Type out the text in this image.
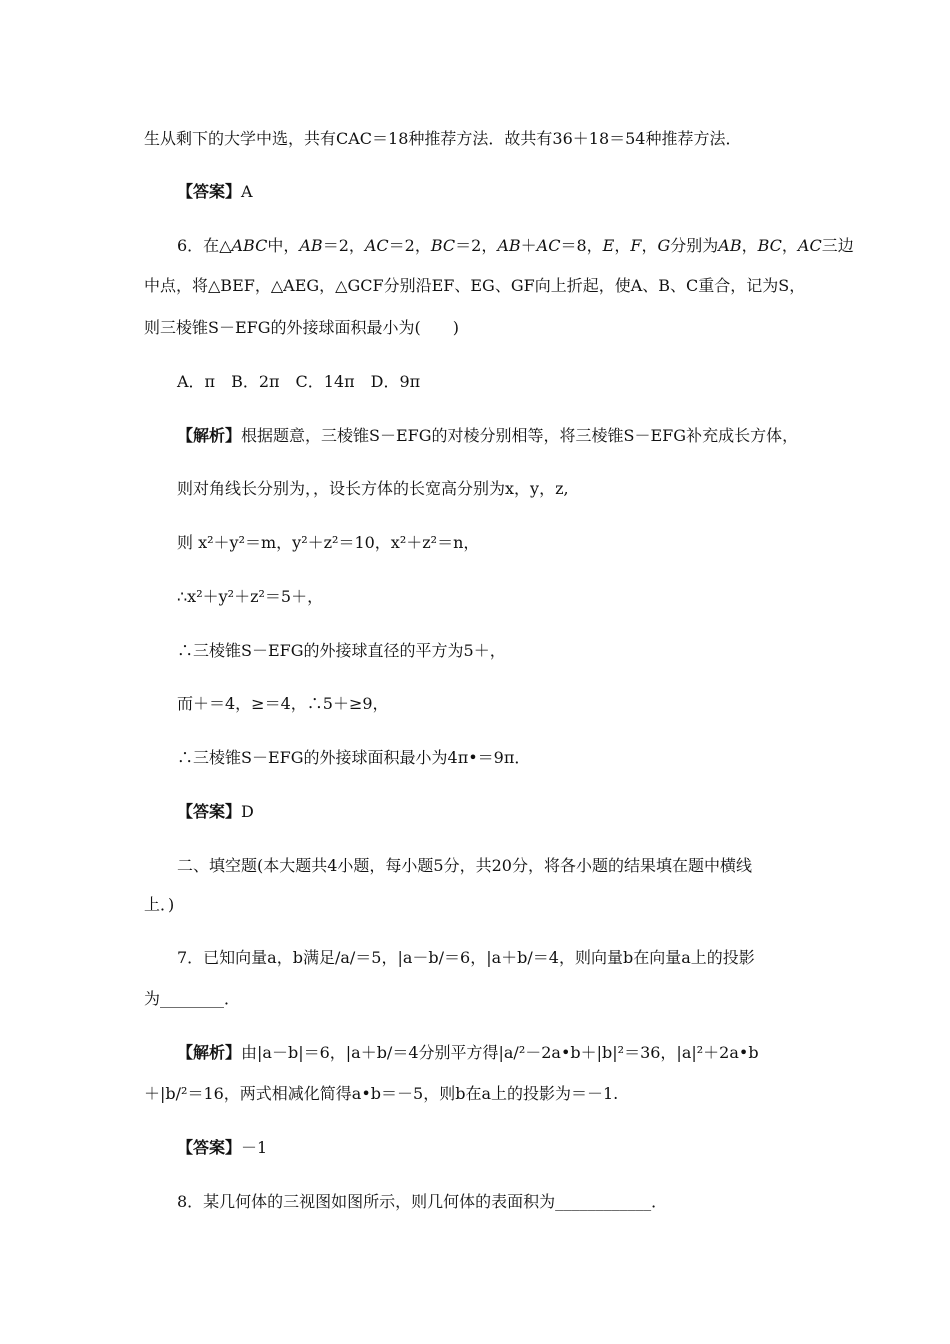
生从剩下的大学中选，共有CAC＝18种推荐方法．故共有36＋18＝54种推荐方法．
【答案】A
6．在△ABC中，AB＝2，AC＝2，BC＝2，AB＋AC＝8，E，F，G分别为AB，BC，AC三边
中点，将△BEF，△AEG，△GCF分别沿EF、EG、GF向上折起，使A、B、C重合，记为S，
则三棱锥S－EFG的外接球面积最小为(　　)
A．π　B．2π　C．14π　D．9π
【解析】根据题意，三棱锥S－EFG的对棱分别相等，将三棱锥S－EFG补充成长方体，
则对角线长分别为，，设长方体的长宽高分别为x，y，z,
则 x²＋y²＝m，y²＋z²＝10，x²＋z²＝n，
∴x²＋y²＋z²＝5＋，
∴三棱锥S－EFG的外接球直径的平方为5＋，
而＋＝4，≥＝4，∴5＋≥9，
∴三棱锥S－EFG的外接球面积最小为4π•＝9π．
【答案】D
二、填空题(本大题共4小题，每小题5分，共20分，将各小题的结果填在题中横线
上．)
7．已知向量a，b满足/a/＝5，|a－b/＝6，|a＋b/＝4，则向量b在向量a上的投影
为________．
【解析】由|a－b|＝6，|a＋b/＝4分别平方得|a/²－2a•b＋|b|²＝36，|a|²＋2a•b
＋|b/²＝16，两式相减化简得a•b＝－5，则b在a上的投影为＝－1.
【答案】－1
8．某几何体的三视图如图所示，则几何体的表面积为____________．
